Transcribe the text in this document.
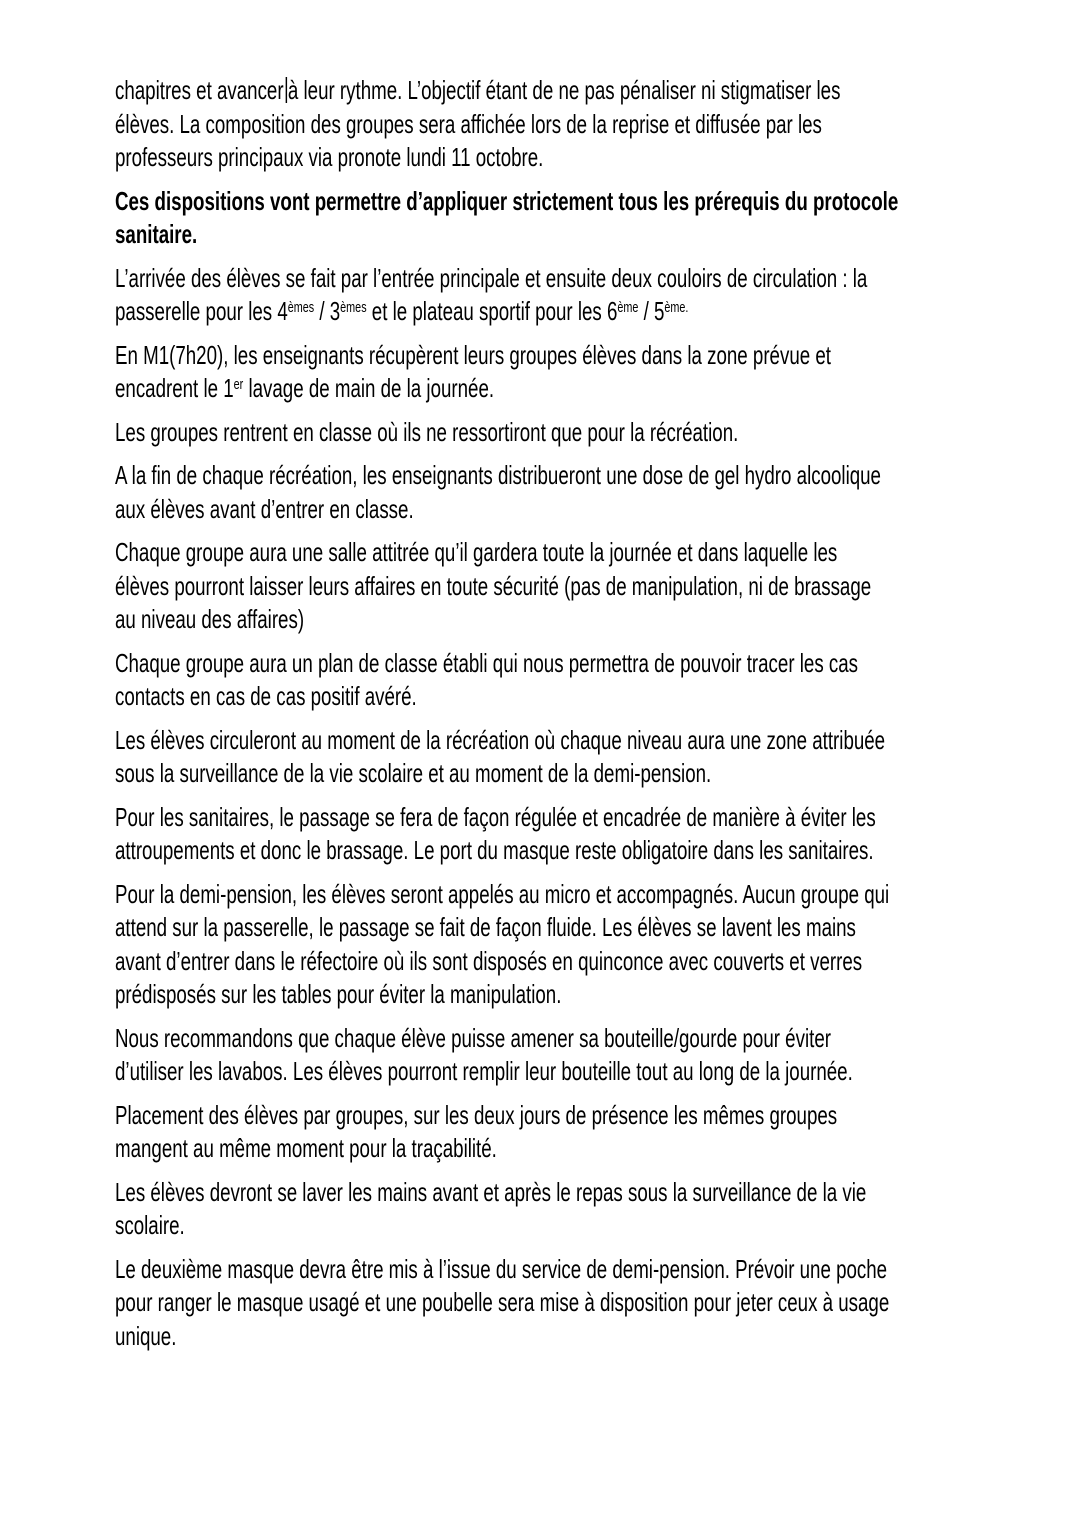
chapitres et avancer à leur rythme. L’objectif étant de ne pas pénaliser ni stigmatiser les
élèves. La composition des groupes sera affichée lors de la reprise et diffusée par les
professeurs principaux via pronote lundi 11 octobre.
Ces dispositions vont permettre d’appliquer strictement tous les prérequis du protocole
sanitaire.
L’arrivée des élèves se fait par l’entrée principale et ensuite deux couloirs de circulation : la
passerelle pour les 4èmes / 3èmes et le plateau sportif pour les $6ème / 5^{ème.}$
En M1(7h20), les enseignants récupèrent leurs groupes élèves dans la zone prévue et
encadrent le 1er lavage de main de la journée.
Les groupes rentrent en classe où ils ne ressortiront que pour la récréation.
A la fin de chaque récréation, les enseignants distribueront une dose de gel hydro alcoolique
aux élèves avant d’entrer en classe.
Chaque groupe aura une salle attitrée qu’il gardera toute la journée et dans laquelle les
élèves pourront laisser leurs affaires en toute sécurité (pas de manipulation, ni de brassage
au niveau des affaires)
Chaque groupe aura un plan de classe établi qui nous permettra de pouvoir tracer les cas
contacts en cas de cas positif avéré.
Les élèves circuleront au moment de la récréation où chaque niveau aura une zone attribuée
sous la surveillance de la vie scolaire et au moment de la demi-pension.
Pour les sanitaires, le passage se fera de façon régulée et encadrée de manière à éviter les
attroupements et donc le brassage. Le port du masque reste obligatoire dans les sanitaires.
Pour la demi-pension, les élèves seront appelés au micro et accompagnés. Aucun groupe qui
attend sur la passerelle, le passage se fait de façon fluide. Les élèves se lavent les mains
avant d’entrer dans le réfectoire où ils sont disposés en quinconce avec couverts et verres
prédisposés sur les tables pour éviter la manipulation.
Nous recommandons que chaque élève puisse amener sa bouteille/gourde pour éviter
d’utiliser les lavabos. Les élèves pourront remplir leur bouteille tout au long de la journée.
Placement des élèves par groupes, sur les deux jours de présence les mêmes groupes
mangent au même moment pour la traçabilité.
Les élèves devront se laver les mains avant et après le repas sous la surveillance de la vie
scolaire.
Le deuxième masque devra être mis à l’issue du service de demi-pension. Prévoir une poche
pour ranger le masque usagé et une poubelle sera mise à disposition pour jeter ceux à usage
unique.
